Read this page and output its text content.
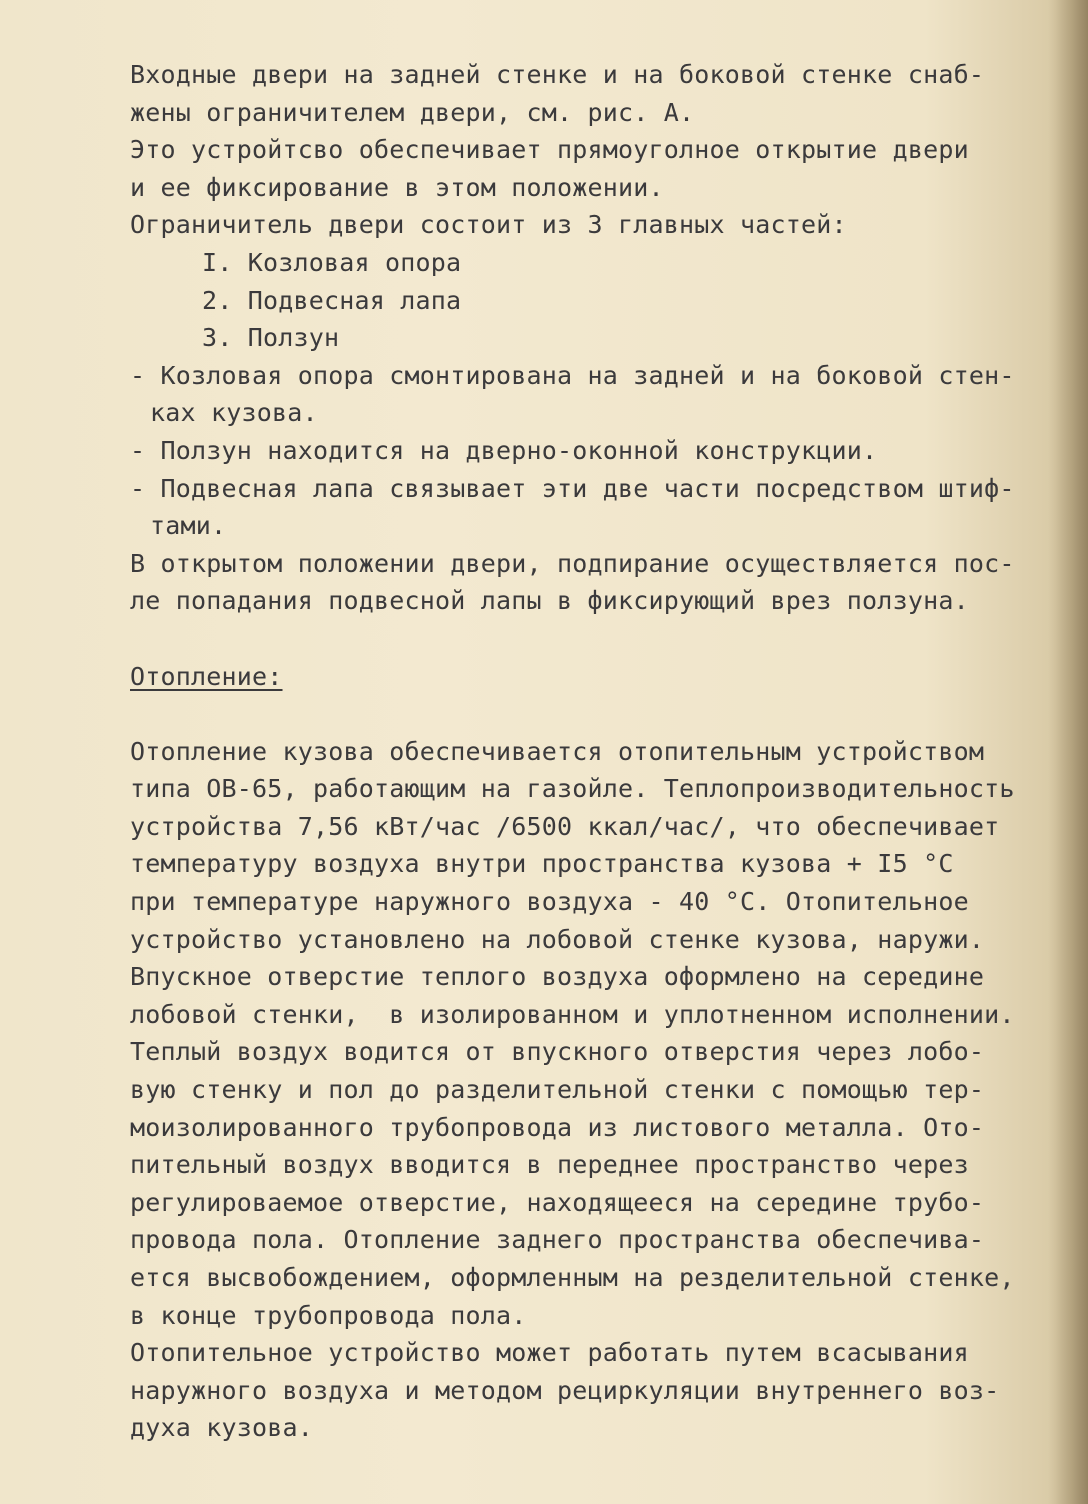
Входные двери на задней стенке и на боковой стенке снаб-
жены ограничителем двери, см. рис. А.
Это устройтсво обеспечивает прямоуголное открытие двери
и ее фиксирование в этом положении.
Ограничитель двери состоит из 3 главных частей:
I. Козловая опора
2. Подвесная лапа
3. Ползун
- Козловая опора смонтирована на задней и на боковой стен-
ках кузова.
- Ползун находится на дверно-оконной конструкции.
- Подвесная лапа связывает эти две части посредством штиф-
тами.
В открытом положении двери, подпирание осуществляется пос-
ле попадания подвесной лапы в фиксирующий врез ползуна.
Отопление:
Отопление кузова обеспечивается отопительным устройством
типа ОВ-65, работающим на газойле. Теплопроизводительность
устройства 7,56 кВт/час /6500 ккал/час/, что обеспечивает
температуру воздуха внутри пространства кузова + I5 °С
при температуре наружного воздуха - 40 °С. Отопительное
устройство установлено на лобовой стенке кузова, наружи.
Впускное отверстие теплого воздуха оформлено на середине
лобовой стенки,  в изолированном и уплотненном исполнении.
Теплый воздух водится от впускного отверстия через лобо-
вую стенку и пол до разделительной стенки с помощью тер-
моизолированного трубопровода из листового металла. Ото-
пительный воздух вводится в переднее пространство через
регулироваемое отверстие, находящееся на середине трубо-
провода пола. Отопление заднего пространства обеспечива-
ется высвобождением, оформленным на резделительной стенке,
в конце трубопровода пола.
Отопительное устройство может работать путем всасывания
наружного воздуха и методом рециркуляции внутреннего воз-
духа кузова.
